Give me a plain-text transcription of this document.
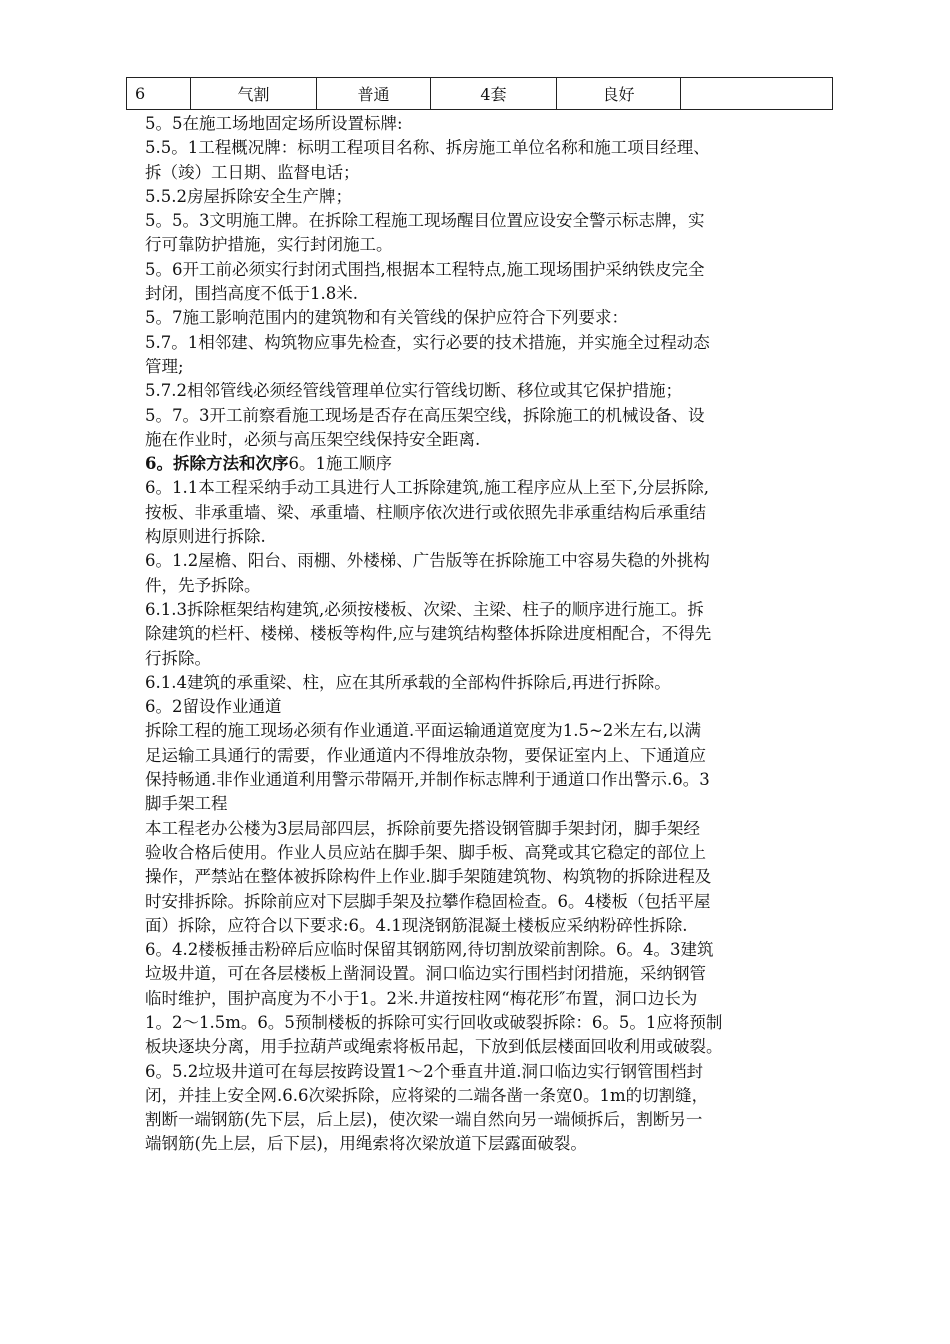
6	气割	普通	4套	良好	
5。5在施工场地固定场所设置标牌:
5.5。1工程概况牌：标明工程项目名称、拆房施工单位名称和施工项目经理、
拆（竣）工日期、监督电话；
5.5.2房屋拆除安全生产牌；
5。5。3文明施工牌。在拆除工程施工现场醒目位置应设安全警示标志牌，实
行可靠防护措施，实行封闭施工。
5。6开工前必须实行封闭式围挡,根据本工程特点,施工现场围护采纳铁皮完全
封闭，围挡高度不低于1.8米.
5。7施工影响范围内的建筑物和有关管线的保护应符合下列要求：
5.7。1相邻建、构筑物应事先检查，实行必要的技术措施，并实施全过程动态
管理;
5.7.2相邻管线必须经管线管理单位实行管线切断、移位或其它保护措施；
5。7。3开工前察看施工现场是否存在高压架空线，拆除施工的机械设备、设
施在作业时，必须与高压架空线保持安全距离.
6。拆除方法和次序6。1施工顺序
6。1.1本工程采纳手动工具进行人工拆除建筑,施工程序应从上至下,分层拆除,
按板、非承重墙、梁、承重墙、柱顺序依次进行或依照先非承重结构后承重结
构原则进行拆除.
6。1.2屋檐、阳台、雨棚、外楼梯、广告版等在拆除施工中容易失稳的外挑构
件，先予拆除。
6.1.3拆除框架结构建筑,必须按楼板、次梁、主梁、柱子的顺序进行施工。拆
除建筑的栏杆、楼梯、楼板等构件,应与建筑结构整体拆除进度相配合，不得先
行拆除。
6.1.4建筑的承重梁、柱，应在其所承载的全部构件拆除后,再进行拆除。
6。2留设作业通道
拆除工程的施工现场必须有作业通道.平面运输通道宽度为1.5~2米左右,以满
足运输工具通行的需要，作业通道内不得堆放杂物，要保证室内上、下通道应
保持畅通.非作业通道利用警示带隔开,并制作标志牌利于通道口作出警示.6。3
脚手架工程
本工程老办公楼为3层局部四层，拆除前要先搭设钢管脚手架封闭，脚手架经
验收合格后使用。作业人员应站在脚手架、脚手板、高凳或其它稳定的部位上
操作，严禁站在整体被拆除构件上作业.脚手架随建筑物、构筑物的拆除进程及
时安排拆除。拆除前应对下层脚手架及拉攀作稳固检查。6。4楼板（包括平屋
面）拆除，应符合以下要求:6。4.1现浇钢筋混凝土楼板应采纳粉碎性拆除.
6。4.2楼板捶击粉碎后应临时保留其钢筋网,待切割放梁前割除。6。4。3建筑
垃圾井道，可在各层楼板上凿洞设置。洞口临边实行围档封闭措施，采纳钢管
临时维护，围护高度为不小于1。2米.井道按柱网“梅花形″布置，洞口边长为
1。2～1.5m。6。5预制楼板的拆除可实行回收或破裂拆除：6。5。1应将预制
板块逐块分离，用手拉葫芦或绳索将板吊起，下放到低层楼面回收利用或破裂。
6。5.2垃圾井道可在每层按跨设置1～2个垂直井道.洞口临边实行钢管围档封
闭，并挂上安全网.6.6次梁拆除，应将梁的二端各凿一条宽0。1m的切割缝，
割断一端钢筋(先下层，后上层)，使次梁一端自然向另一端倾拆后，割断另一
端钢筋(先上层，后下层)，用绳索将次梁放道下层露面破裂。
